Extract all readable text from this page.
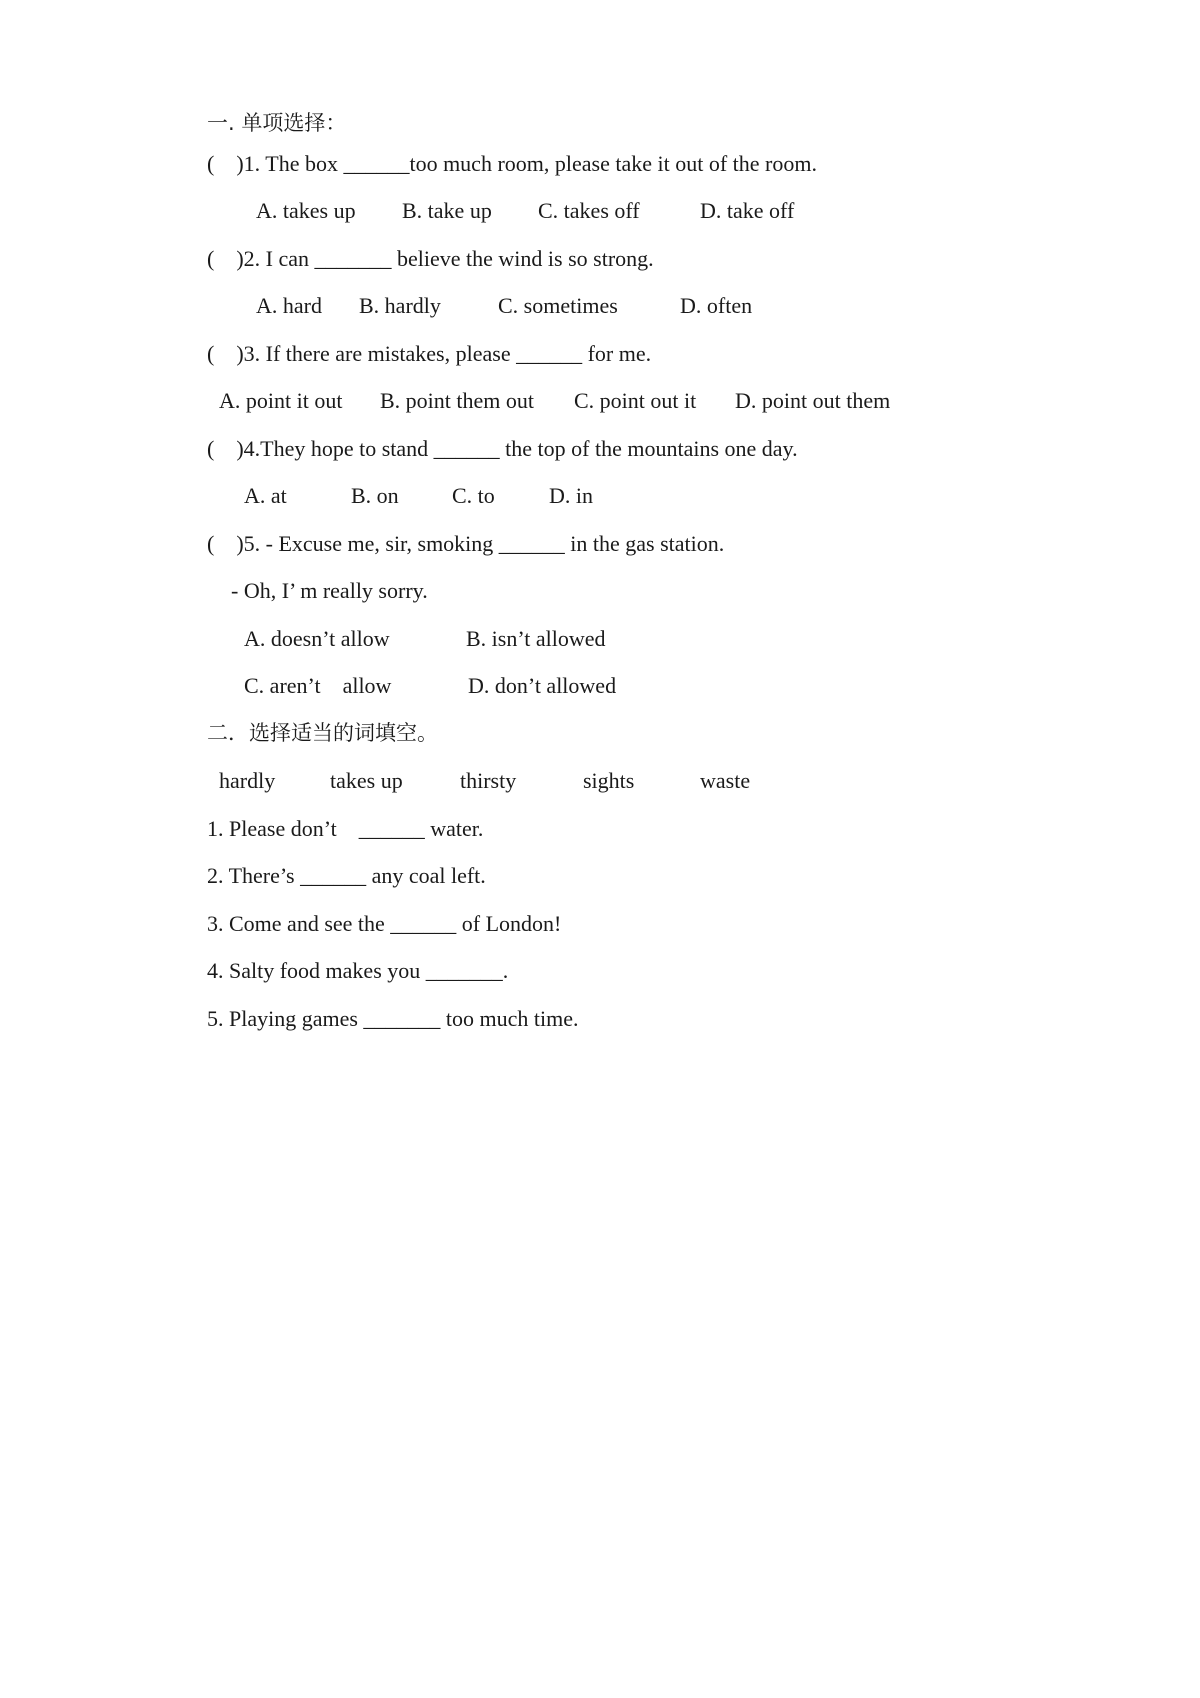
一. 单项选择：
(    )1. The box ______too much room, please take it out of the room.
A. takes up B. take up C. takes off	D. take off
(    )2. I can _______ believe the wind is so strong.
A. hard B. hardly	C. sometimes	D. often
(    )3. If there are mistakes, please ______ for me.
A. point it out B. point them out C. point out it D. point out them
(    )4.They hope to stand ______ the top of the mountains one day.
A. at	B. on C. to D. in
(    )5. - Excuse me, sir, smoking ______ in the gas station.
- Oh, I’ m really sorry.
A. doesn’t allow	B. isn’t allowed
C. aren’t    allow	D. don’t allowed
二．选择适当的词填空。
hardly takes up	thirsty	sights	waste
1. Please don’t    ______ water.
2. There’s ______ any coal left.
3. Come and see the ______ of London!
4. Salty food makes you _______.
5. Playing games _______ too much time.
